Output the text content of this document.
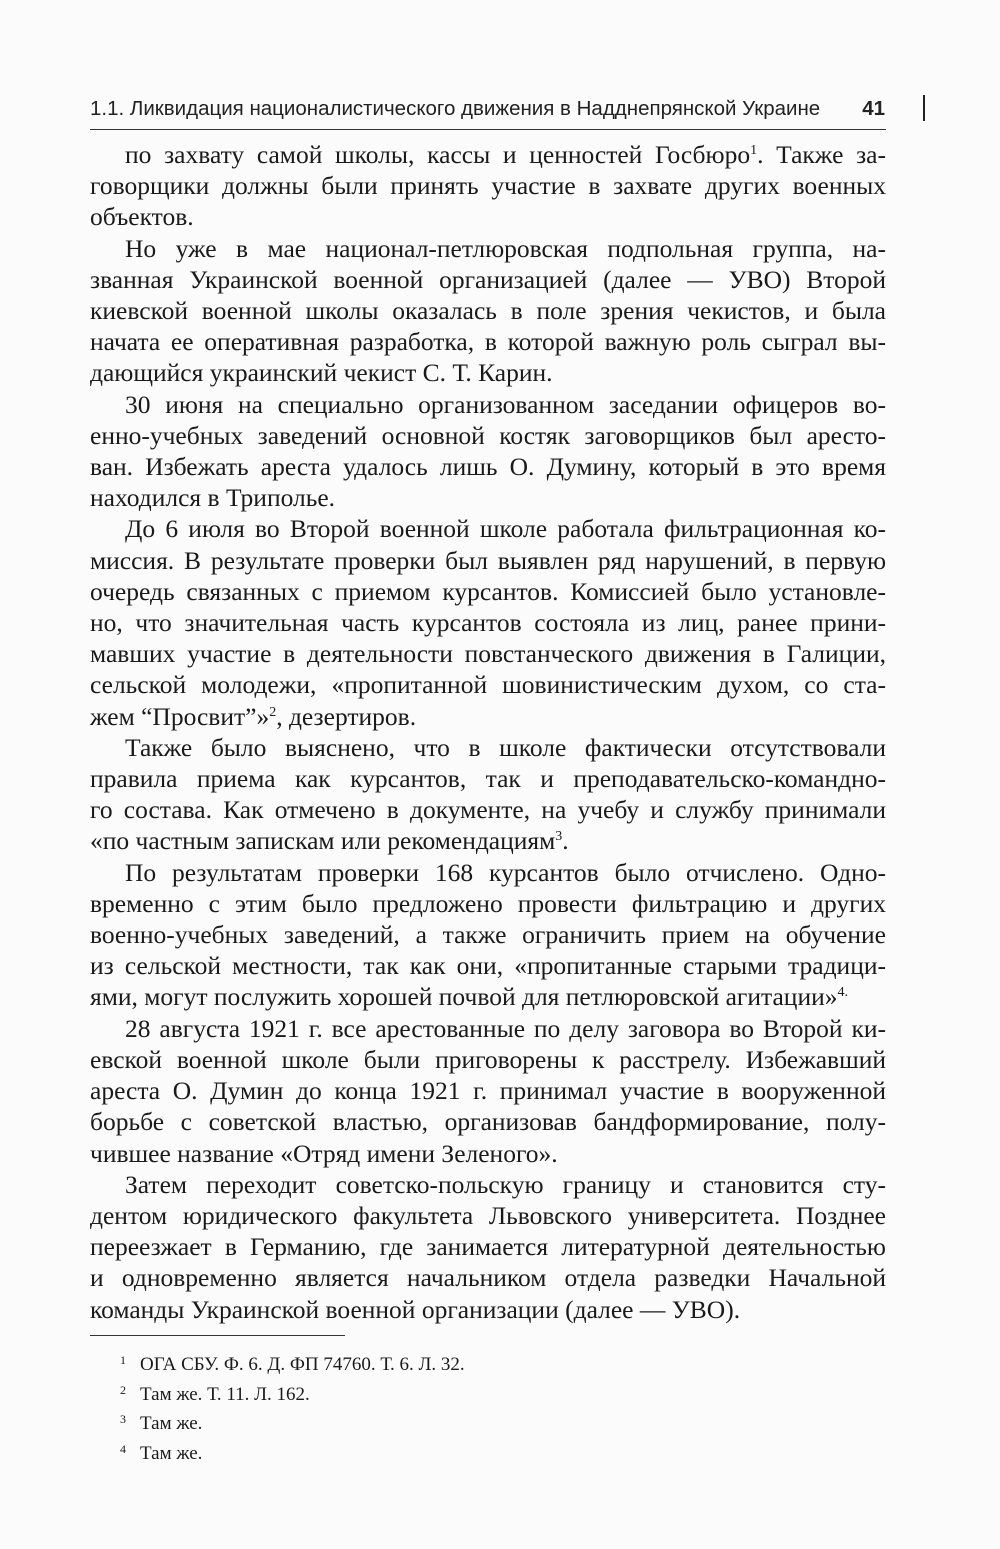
1.1. Ликвидация националистического движения в Надднепрянской Украине 41

по захвату самой школы, кассы и ценностей Госбюро$^1$. Также за-
говорщики должны были принять участие в захвате других военных
объектов.

Но уже в мае национал-петлюровская подпольная группа, на-
званная Украинской военной организацией (далее — УВО) Второй
киевской военной школы оказалась в поле зрения чекистов, и была
начата ее оперативная разработка, в которой важную роль сыграл вы-
дающийся украинский чекист С. Т. Карин.

30 июня на специально организованном заседании офицеров во-
енно-учебных заведений основной костяк заговорщиков был аресто-
ван. Избежать ареста удалось лишь О. Думину, который в это время
находился в Триполье.

До 6 июля во Второй военной школе работала фильтрационная ко-
миссия. В результате проверки был выявлен ряд нарушений, в первую
очередь связанных с приемом курсантов. Комиссией было установле-
но, что значительная часть курсантов состояла из лиц, ранее прини-
мавших участие в деятельности повстанческого движения в Галиции,
сельской молодежи, «пропитанной шовинистическим духом, со ста-
жем “Просвит”»$^2$, дезертиров.

Также было выяснено, что в школе фактически отсутствовали
правила приема как курсантов, так и преподавательско-командно-
го состава. Как отмечено в документе, на учебу и службу принимали
«по частным запискам или рекомендациям$^3$.

По результатам проверки 168 курсантов было отчислено. Одно-
временно с этим было предложено провести фильтрацию и других
военно-учебных заведений, а также ограничить прием на обучение
из сельской местности, так как они, «пропитанные старыми традици-
ями, могут послужить хорошей почвой для петлюровской агитации»$^{4.}$

28 августа 1921 г. все арестованные по делу заговора во Второй ки-
евской военной школе были приговорены к расстрелу. Избежавший
ареста О. Думин до конца 1921 г. принимал участие в вооруженной
борьбе с советской властью, организовав бандформирование, полу-
чившее название «Отряд имени Зеленого».

Затем переходит советско-польскую границу и становится сту-
дентом юридического факультета Львовского университета. Позднее
переезжает в Германию, где занимается литературной деятельностью
и одновременно является начальником отдела разведки Начальной
команды Украинской военной организации (далее — УВО).

1 ОГА СБУ. Ф. 6. Д. ФП 74760. Т. 6. Л. 32.
2 Там же. Т. 11. Л. 162.
3 Там же.
4 Там же.
